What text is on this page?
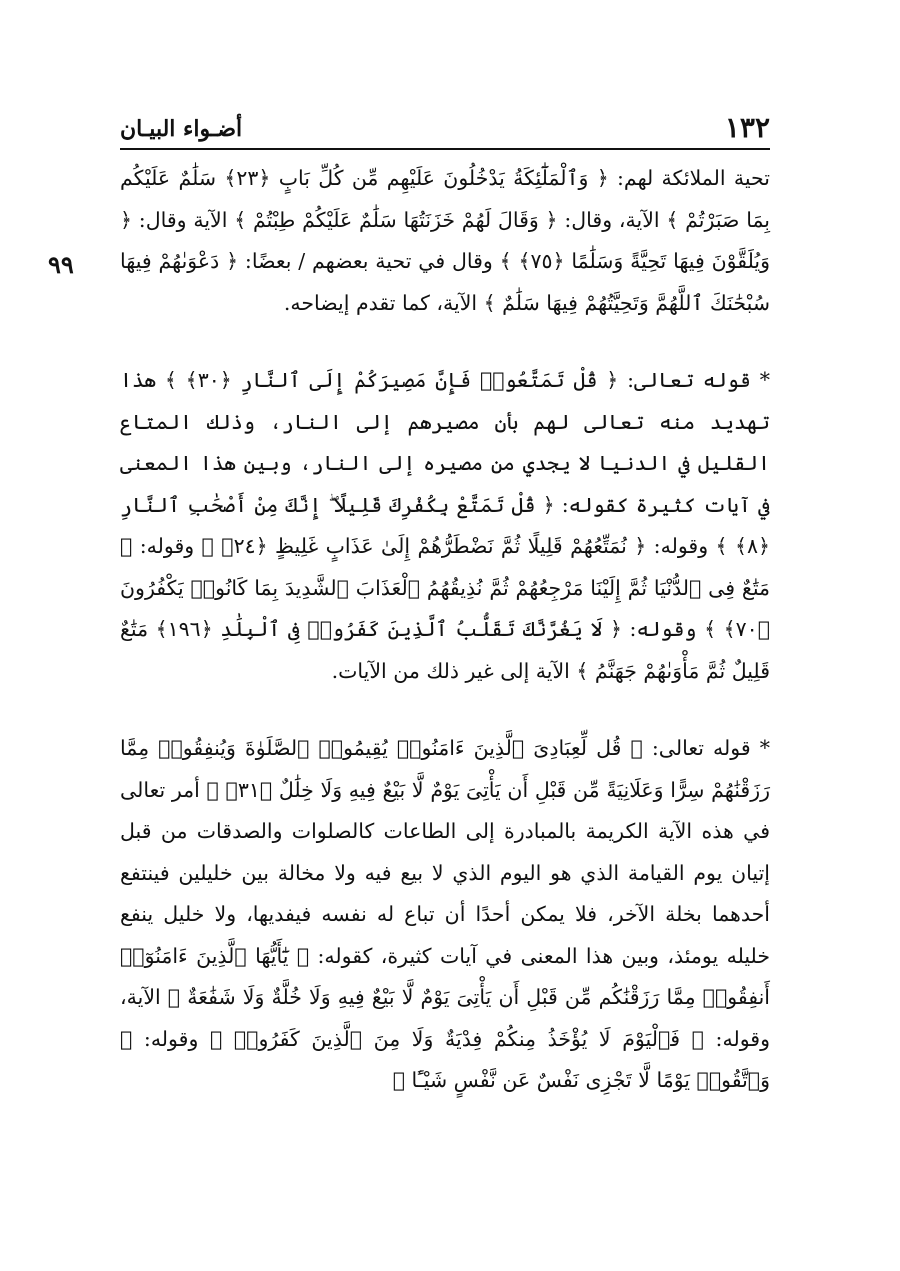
١٣٢
أضـواء البيـان
٩٩

تحية الملائكة لهم: ﴿ وَٱلْمَلَٰٓئِكَةُ يَدْخُلُونَ عَلَيْهِم مِّن كُلِّ بَابٍ ﴿٢٣﴾ سَلَٰمٌ عَلَيْكُم بِمَا صَبَرْتُمْ ﴾ الآية، وقال: ﴿ وَقَالَ لَهُمْ خَزَنَتُهَا سَلَٰمٌ عَلَيْكُمْ طِبْتُمْ ﴾ الآية وقال: ﴿ وَيُلَقَّوْنَ فِيهَا تَحِيَّةً وَسَلَٰمًا ﴿٧٥﴾ ﴾ وقال في تحية بعضهم / بعضًا: ﴿ دَعْوَىٰهُمْ فِيهَا سُبْحَٰنَكَ ٱللَّهُمَّ وَتَحِيَّتُهُمْ فِيهَا سَلَٰمٌ ﴾ الآية، كما تقدم إيضاحه.

* قوله تعالى: ﴿ قُلْ تَمَتَّعُوا۟ فَإِنَّ مَصِيرَكُمْ إِلَى ٱلنَّارِ ﴿٣٠﴾ ﴾ هذا تهديد منه تعالى لهم بأن مصيرهم إلى النار، وذلك المتاع القليل في الدنيا لا يجدي من مصيره إلى النار، وبين هذا المعنى في آيات كثيرة كقوله: ﴿ قُلْ تَمَتَّعْ بِكُفْرِكَ قَلِيلًا ۖ إِنَّكَ مِنْ أَصْحَٰبِ ٱلنَّارِ ﴿٨﴾ ﴾ وقوله: ﴿ نُمَتِّعُهُمْ قَلِيلًا ثُمَّ نَضْطَرُّهُمْ إِلَىٰ عَذَابٍ غَلِيظٍ ﴿٢٤﴾ ﴾ وقوله: ﴿ مَتَٰعٌ فِى ٱلدُّنْيَا ثُمَّ إِلَيْنَا مَرْجِعُهُمْ ثُمَّ نُذِيقُهُمُ ٱلْعَذَابَ ٱلشَّدِيدَ بِمَا كَانُوا۟ يَكْفُرُونَ ﴿٧٠﴾ ﴾ وقوله: ﴿ لَا يَغُرَّنَّكَ تَقَلُّبُ ٱلَّذِينَ كَفَرُوا۟ فِى ٱلْبِلَٰدِ ﴿١٩٦﴾ مَتَٰعٌ قَلِيلٌ ثُمَّ مَأْوَىٰهُمْ جَهَنَّمُ ﴾ الآية إلى غير ذلك من الآيات.

* قوله تعالى: ﴿ قُل لِّعِبَادِىَ ٱلَّذِينَ ءَامَنُوا۟ يُقِيمُوا۟ ٱلصَّلَوٰةَ وَيُنفِقُوا۟ مِمَّا رَزَقْنَٰهُمْ سِرًّا وَعَلَانِيَةً مِّن قَبْلِ أَن يَأْتِىَ يَوْمٌ لَّا بَيْعٌ فِيهِ وَلَا خِلَٰلٌ ﴿٣١﴾ ﴾ أمر تعالى في هذه الآية الكريمة بالمبادرة إلى الطاعات كالصلوات والصدقات من قبل إتيان يوم القيامة الذي هو اليوم الذي لا بيع فيه ولا مخالة بين خليلين فينتفع أحدهما بخلة الآخر، فلا يمكن أحدًا أن تباع له نفسه فيفديها، ولا خليل ينفع خليله يومئذ، وبين هذا المعنى في آيات كثيرة، كقوله: ﴿ يَٰٓأَيُّهَا ٱلَّذِينَ ءَامَنُوٓا۟ أَنفِقُوا۟ مِمَّا رَزَقْنَٰكُم مِّن قَبْلِ أَن يَأْتِىَ يَوْمٌ لَّا بَيْعٌ فِيهِ وَلَا خُلَّةٌ وَلَا شَفَٰعَةٌ ﴾ الآية، وقوله: ﴿ فَٱلْيَوْمَ لَا يُؤْخَذُ مِنكُمْ فِدْيَةٌ وَلَا مِنَ ٱلَّذِينَ كَفَرُوا۟ ﴾ وقوله: ﴿ وَٱتَّقُوا۟ يَوْمًا لَّا تَجْزِى نَفْسٌ عَن نَّفْسٍ شَيْـًٔا ﴾
